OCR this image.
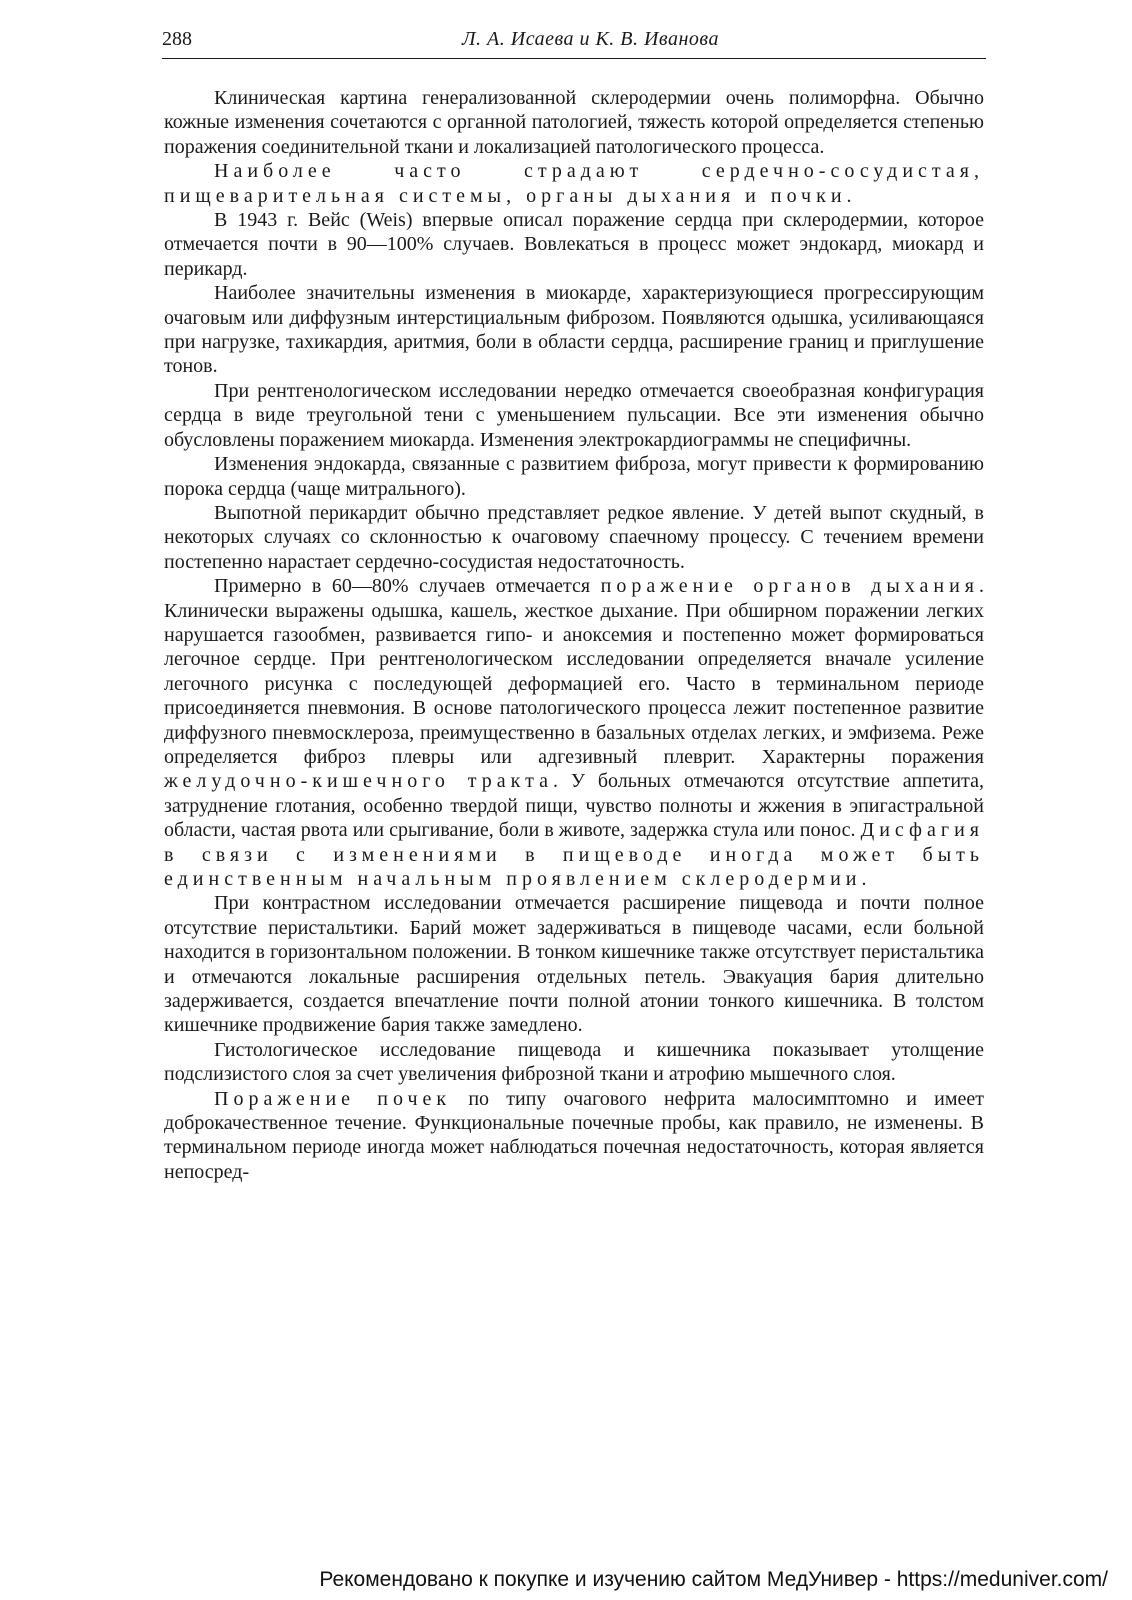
288	Л. А. Исаева и К. В. Иванова

Клиническая картина генерализованной склеродермии очень полиморфна. Обычно кожные изменения сочетаются с органной патологией, тяжесть которой определяется степенью поражения соединительной ткани и локализацией патологического процесса.

Наиболее часто страдают сердечно-сосудистая, пищеварительная системы, органы дыхания и почки.

В 1943 г. Вейс (Weis) впервые описал поражение сердца при склеродермии, которое отмечается почти в 90—100% случаев. Вовлекаться в процесс может эндокард, миокард и перикард.

Наиболее значительны изменения в миокарде, характеризующиеся прогрессирующим очаговым или диффузным интерстициальным фиброзом. Появляются одышка, усиливающаяся при нагрузке, тахикардия, аритмия, боли в области сердца, расширение границ и приглушение тонов.

При рентгенологическом исследовании нередко отмечается своеобразная конфигурация сердца в виде треугольной тени с уменьшением пульсации. Все эти изменения обычно обусловлены поражением миокарда. Изменения электрокардиограммы не специфичны.

Изменения эндокарда, связанные с развитием фиброза, могут привести к формированию порока сердца (чаще митрального).

Выпотной перикардит обычно представляет редкое явление. У детей выпот скудный, в некоторых случаях со склонностью к очаговому спаечному процессу. С течением времени постепенно нарастает сердечно-сосудистая недостаточность.

Примерно в 60—80% случаев отмечается поражение органов дыхания. Клинически выражены одышка, кашель, жесткое дыхание. При обширном поражении легких нарушается газообмен, развивается гипо- и аноксемия и постепенно может формироваться легочное сердце. При рентгенологическом исследовании определяется вначале усиление легочного рисунка с последующей деформацией его. Часто в терминальном периоде присоединяется пневмония. В основе патологического процесса лежит постепенное развитие диффузного пневмосклероза, преимущественно в базальных отделах легких, и эмфизема. Реже определяется фиброз плевры или адгезивный плеврит. Характерны поражения желудочно-кишечного тракта. У больных отмечаются отсутствие аппетита, затруднение глотания, особенно твердой пищи, чувство полноты и жжения в эпигастральной области, частая рвота или срыгивание, боли в животе, задержка стула или понос. Дисфагия в связи с изменениями в пищеводе иногда может быть единственным начальным проявлением склеродермии.

При контрастном исследовании отмечается расширение пищевода и почти полное отсутствие перистальтики. Барий может задерживаться в пищеводе часами, если больной находится в горизонтальном положении. В тонком кишечнике также отсутствует перистальтика и отмечаются локальные расширения отдельных петель. Эвакуация бария длительно задерживается, создается впечатление почти полной атонии тонкого кишечника. В толстом кишечнике продвижение бария также замедлено.

Гистологическое исследование пищевода и кишечника показывает утолщение подслизистого слоя за счет увеличения фиброзной ткани и атрофию мышечного слоя.

Поражение почек по типу очагового нефрита малосимптомно и имеет доброкачественное течение. Функциональные почечные пробы, как правило, не изменены. В терминальном периоде иногда может наблюдаться почечная недостаточность, которая является непосред-

Рекомендовано к покупке и изучению сайтом МедУнивер - https://meduniver.com/
